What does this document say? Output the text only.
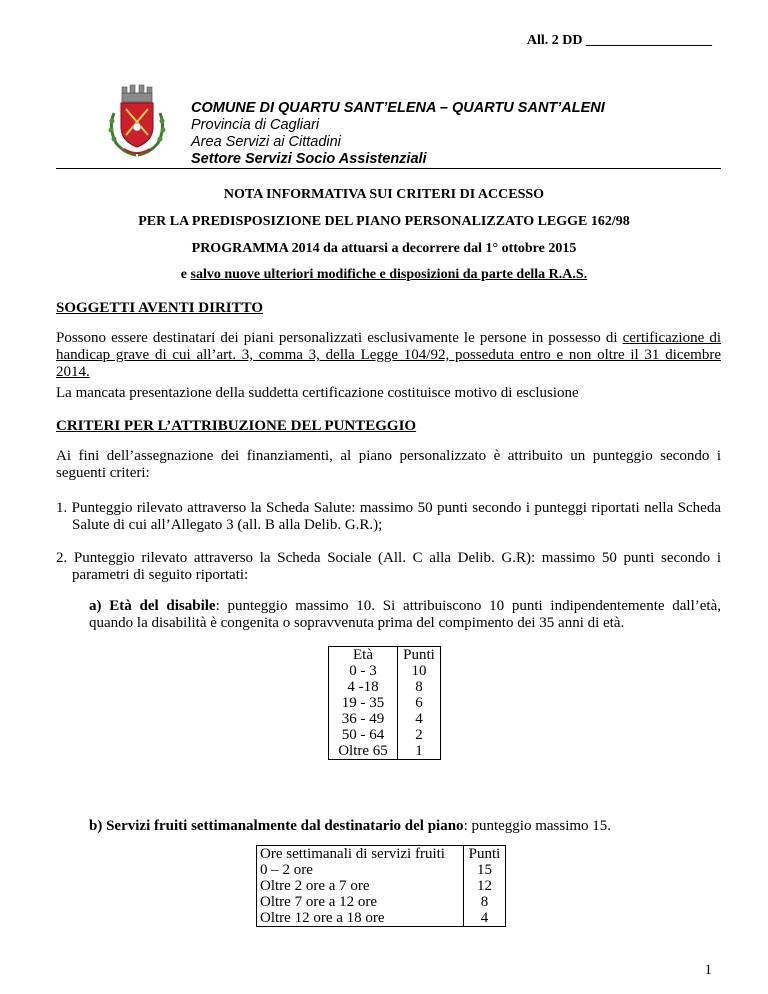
All. 2 DD __________________
COMUNE DI QUARTU SANT’ELENA – QUARTU SANT’ALENI
Provincia di Cagliari
Area Servizi ai Cittadini
Settore Servizi Socio Assistenziali
NOTA INFORMATIVA SUI CRITERI DI ACCESSO
PER LA PREDISPOSIZIONE DEL PIANO PERSONALIZZATO LEGGE 162/98
PROGRAMMA 2014 da attuarsi a decorrere dal 1° ottobre 2015
e salvo nuove ulteriori modifiche e disposizioni da parte della R.A.S.
SOGGETTI AVENTI DIRITTO
Possono essere destinatari dei piani personalizzati esclusivamente le persone in possesso di certificazione di handicap grave di cui all’art. 3, comma 3, della Legge 104/92, posseduta entro e non oltre il 31 dicembre 2014.
La mancata presentazione della suddetta certificazione costituisce motivo di esclusione
CRITERI PER L’ATTRIBUZIONE DEL PUNTEGGIO
Ai fini dell’assegnazione dei finanziamenti, al piano personalizzato è attribuito un punteggio secondo i seguenti criteri:
1. Punteggio rilevato attraverso la Scheda Salute: massimo 50 punti secondo i punteggi riportati nella Scheda Salute di cui all’Allegato 3 (all. B alla Delib. G.R.);
2. Punteggio rilevato attraverso la Scheda Sociale (All. C alla Delib. G.R): massimo 50 punti secondo i parametri di seguito riportati:
a) Età del disabile: punteggio massimo 10. Si attribuiscono 10 punti indipendentemente dall’età, quando la disabilità è congenita o sopravvenuta prima del compimento dei 35 anni di età.
Età	Punti
0 - 3	10
4 -18	8
19 - 35	6
36 - 49	4
50 - 64	2
Oltre 65	1
b) Servizi fruiti settimanalmente dal destinatario del piano: punteggio massimo 15.
Ore settimanali di servizi fruiti	Punti
0 – 2 ore	15
Oltre 2 ore a 7 ore	12
Oltre 7 ore a 12 ore	8
Oltre 12 ore a 18 ore	4
1
